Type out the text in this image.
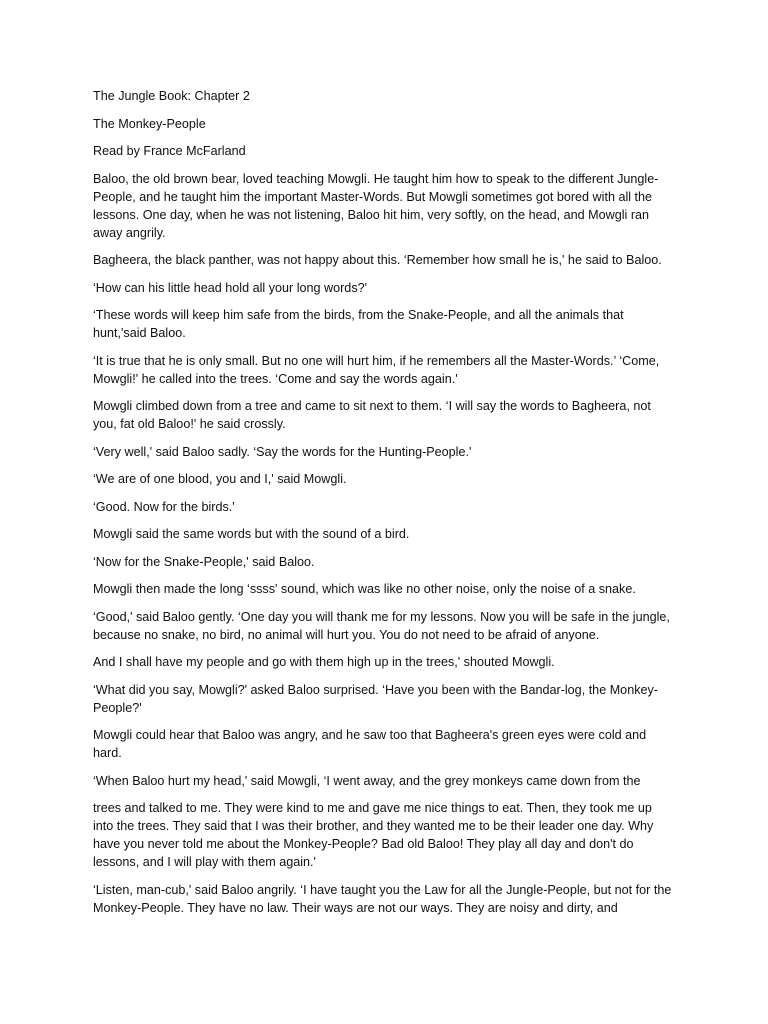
The Jungle Book: Chapter 2

The Monkey-People

Read by France McFarland

Baloo, the old brown bear, loved teaching Mowgli. He taught him how to speak to the different Jungle-People, and he taught him the important Master-Words. But Mowgli sometimes got bored with all the lessons. One day, when he was not listening, Baloo hit him, very softly, on the head, and Mowgli ran away angrily.

Bagheera, the black panther, was not happy about this. ‘Remember how small he is,' he said to Baloo.

‘How can his little head hold all your long words?'

‘These words will keep him safe from the birds, from the Snake-People, and all the animals that hunt,'said Baloo.

‘It is true that he is only small. But no one will hurt him, if he remembers all the Master-Words.’ ‘Come, Mowgli!' he called into the trees. ‘Come and say the words again.'

Mowgli climbed down from a tree and came to sit next to them. ‘I will say the words to Bagheera, not you, fat old Baloo!' he said crossly.

‘Very well,' said Baloo sadly. ‘Say the words for the Hunting-People.'

‘We are of one blood, you and I,' said Mowgli.

‘Good. Now for the birds.'

Mowgli said the same words but with the sound of a bird.

‘Now for the Snake-People,' said Baloo.

Mowgli then made the long ‘ssss' sound, which was like no other noise, only the noise of a snake.

‘Good,' said Baloo gently. ‘One day you will thank me for my lessons. Now you will be safe in the jungle, because no snake, no bird, no animal will hurt you. You do not need to be afraid of anyone.

And I shall have my people and go with them high up in the trees,' shouted Mowgli.

‘What did you say, Mowgli?' asked Baloo surprised. ‘Have you been with the Bandar-log, the Monkey-People?'

Mowgli could hear that Baloo was angry, and he saw too that Bagheera's green eyes were cold and hard.

‘When Baloo hurt my head,' said Mowgli, ‘I went away, and the grey monkeys came down from the

trees and talked to me. They were kind to me and gave me nice things to eat. Then, they took me up into the trees. They said that I was their brother, and they wanted me to be their leader one day. Why have you never told me about the Monkey-People? Bad old Baloo! They play all day and don't do lessons, and I will play with them again.'

‘Listen, man-cub,' said Baloo angrily. ‘I have taught you the Law for all the Jungle-People, but not for the Monkey-People. They have no law. Their ways are not our ways. They are noisy and dirty, and
